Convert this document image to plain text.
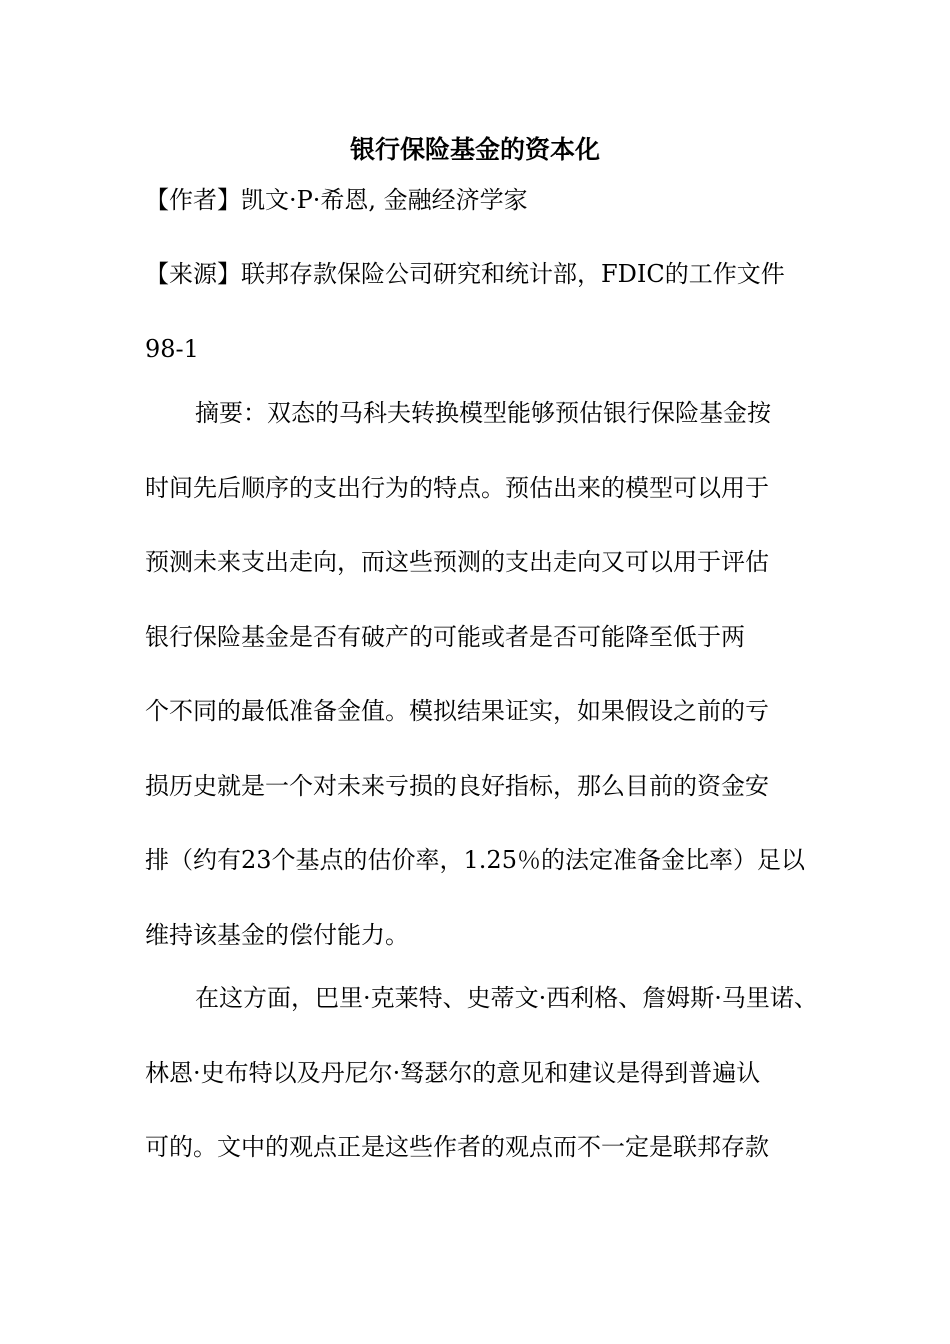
银行保险基金的资本化
【作者】凯文·P·希恩, 金融经济学家
【来源】联邦存款保险公司研究和统计部，FDIC的工作文件
98-1
摘要：双态的马科夫转换模型能够预估银行保险基金按
时间先后顺序的支出行为的特点。预估出来的模型可以用于
预测未来支出走向，而这些预测的支出走向又可以用于评估
银行保险基金是否有破产的可能或者是否可能降至低于两
个不同的最低准备金值。模拟结果证实，如果假设之前的亏
损历史就是一个对未来亏损的良好指标，那么目前的资金安
排（约有23个基点的估价率，1.25％的法定准备金比率）足以
维持该基金的偿付能力。
在这方面，巴里·克莱特、史蒂文·西利格、詹姆斯·马里诺、
林恩·史布特以及丹尼尔·驽瑟尔的意见和建议是得到普遍认
可的。文中的观点正是这些作者的观点而不一定是联邦存款
